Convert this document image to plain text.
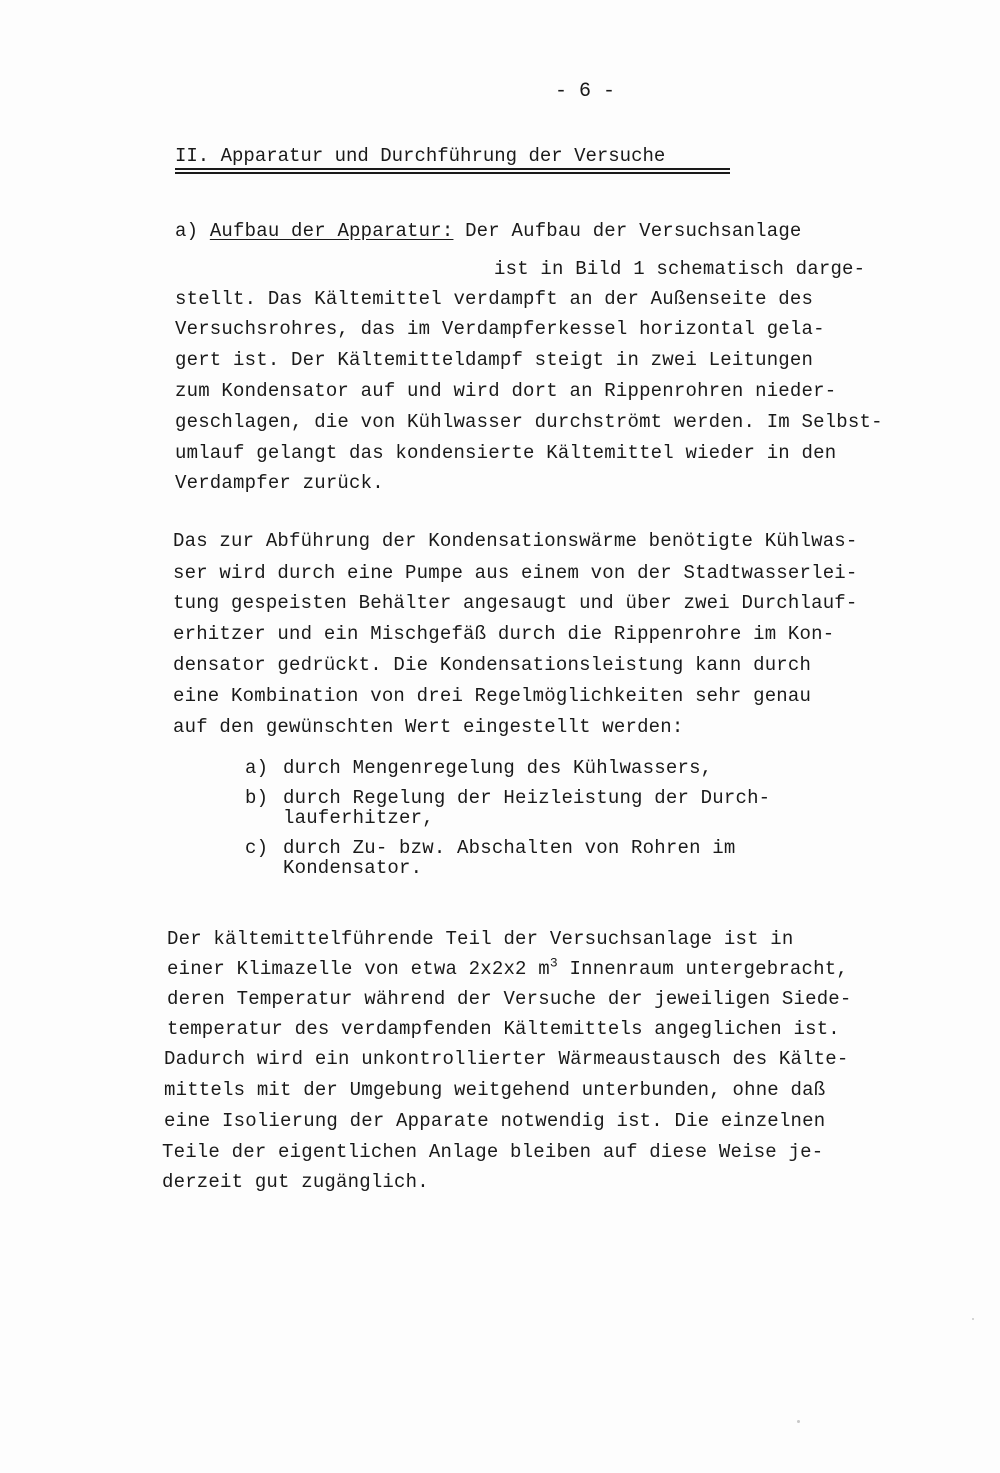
- 6 -
II. Apparatur und Durchführung der Versuche
a) Aufbau der Apparatur: Der Aufbau der Versuchsanlage
ist in Bild 1 schematisch darge-
stellt. Das Kältemittel verdampft an der Außenseite des
Versuchsrohres, das im Verdampferkessel horizontal gela-
gert ist. Der Kältemitteldampf steigt in zwei Leitungen
zum Kondensator auf und wird dort an Rippenrohren nieder-
geschlagen, die von Kühlwasser durchströmt werden. Im Selbst-
umlauf gelangt das kondensierte Kältemittel wieder in den
Verdampfer zurück.
Das zur Abführung der Kondensationswärme benötigte Kühlwas-
ser wird durch eine Pumpe aus einem von der Stadtwasserlei-
tung gespeisten Behälter angesaugt und über zwei Durchlauf-
erhitzer und ein Mischgefäß durch die Rippenrohre im Kon-
densator gedrückt. Die Kondensationsleistung kann durch
eine Kombination von drei Regelmöglichkeiten sehr genau
auf den gewünschten Wert eingestellt werden:
a) durch Mengenregelung des Kühlwassers,
b) durch Regelung der Heizleistung der Durch-
lauferhitzer,
c) durch Zu- bzw. Abschalten von Rohren im
Kondensator.
Der kältemittelführende Teil der Versuchsanlage ist in
einer Klimazelle von etwa 2x2x2 $m^3$ Innenraum untergebracht,
deren Temperatur während der Versuche der jeweiligen Siede-
temperatur des verdampfenden Kältemittels angeglichen ist.
Dadurch wird ein unkontrollierter Wärmeaustausch des Kälte-
mittels mit der Umgebung weitgehend unterbunden, ohne daß
eine Isolierung der Apparate notwendig ist. Die einzelnen
Teile der eigentlichen Anlage bleiben auf diese Weise je-
derzeit gut zugänglich.
